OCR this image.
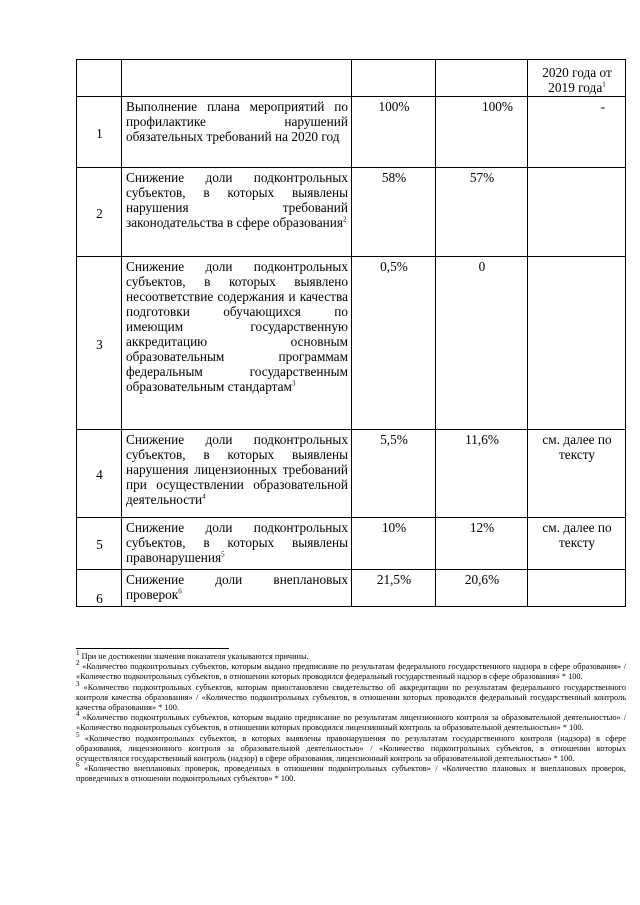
				2020 года от
2019 года$^1$
1	Выполнение плана мероприятий по профилактике нарушений обязательных требований на 2020 год	100%	100%	-
2	Снижение доли подконтрольных субъектов, в которых выявлены нарушения требований законодательства в сфере образования$^2$	58%	57%	
3	Снижение доли подконтрольных субъектов, в которых выявлено несоответствие содержания и качества подготовки обучающихся по имеющим государственную аккредитацию основным образовательным программам федеральным государственным образовательным стандартам$^3$	0,5%	0	
4	Снижение доли подконтрольных субъектов, в которых выявлены нарушения лицензионных требований при осуществлении образовательной деятельности$^4$	5,5%	11,6%	см. далее по тексту
5	Снижение доли подконтрольных субъектов, в которых выявлены правонарушения$^5$	10%	12%	см. далее по тексту
6	Снижение доли внеплановых проверок$^6$	21,5%	20,6%	

$^1$ При не достижении значения показателя указываются причины.

$^2$ «Количество подконтрольных субъектов, которым выдано предписание по результатам федерального государственного надзора в сфере образования» / «Количество подконтрольных субъектов, в отношении которых проводился федеральный государственный надзор в сфере образования» * 100.

$^3$ «Количество подконтрольных субъектов, которым приостановлено свидетельство об аккредитации по результатам федерального государственного контроля качества образования» / «Количество подконтрольных субъектов, в отношении которых проводился федеральный государственный контроль качества образования» * 100.

$^4$ «Количество подконтрольных субъектов, которым выдано предписание по результатам лицензионного контроля за образовательной деятельностью» / «Количество подконтрольных субъектов, в отношении которых проводился лицензионный контроль за образовательной деятельностью» * 100.

$^5$ «Количество подконтрольных субъектов, в которых выявлены правонарушения по результатам государственного контроля (надзора) в сфере образования, лицензионного контроля за образовательной деятельностью» / «Количество подконтрольных субъектов, в отношении которых осуществлялся государственный контроль (надзор) в сфере образования, лицензионный контроль за образовательной деятельностью» * 100.

$^6$ «Количество внеплановых проверок, проведенных в отношении подконтрольных субъектов» / «Количество плановых и внеплановых проверок, проведенных в отношении подконтрольных субъектов» * 100.
